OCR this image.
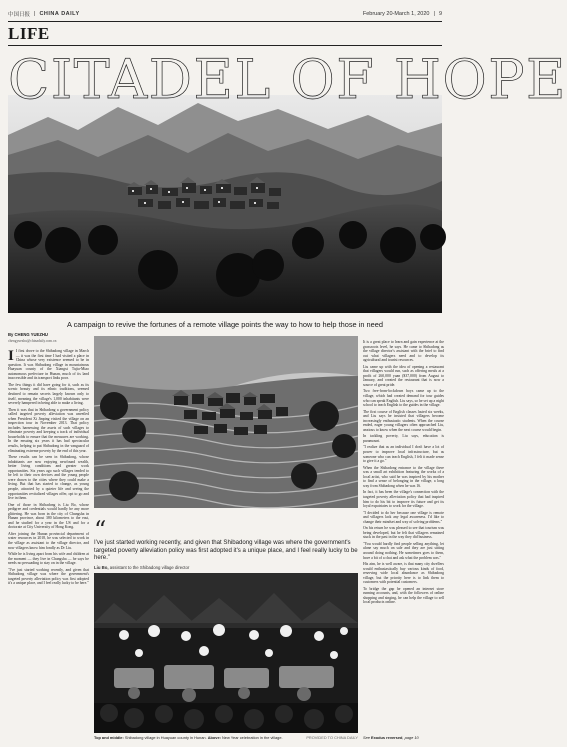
中国日报 | CHINA DAILY	February 20-March 1, 2020 | 9
LIFE
CITADEL OF HOPE
A campaign to revive the fortunes of a remote village points the way to how to help those in need
By CHENG YUEZHU
chengyuezhu@chinadaily.com.cn

I I first drove to the Shibadong village in March — it was the first time I had visited a place in China whose very existence seemed to be in question. It was Shibadong village in mountainous Huayuan county of the Xiangxi Tujia-Miao autonomous prefecture in Hunan, much of its land inaccessible and its transport links poor.

The few things it did have going for it, such as its scenic beauty and its ethnic traditions, seemed destined to remain secrets largely known only to itself, meaning the village's 1,000 inhabitants were severely hampered in being able to make a living.

Then it was that in Shibadong a government policy called targeted poverty alleviation was unveiled when President Xi Jinping visited the village on an inspection tour in November 2013. That policy includes harnessing the assets of such villages to eliminate poverty and keeping a track of individual households to ensure that the measures are working. In the ensuing six years it has had spectacular results, helping to put Shibadong in the vanguard of eliminating extreme poverty by the end of this year.

These results can be seen in Shibadong, whose inhabitants are now enjoying newfound wealth, better living conditions and greater work opportunities. Six years ago such villages tended to be left to their own devices and the young people were drawn to the cities where they could make a living. But that has started to change, as young people, attracted by a quieter life and seeing the opportunities revitalized villages offer, opt to go and live in them.

One of those in Shibadong is Liu Bo, whose pedigree and credentials would hardly be any more glittering. He was born in the city of Changsha in Hunan province, about 380 kilometers to the east, and he studied for a year in the US and for a doctorate at City University of Hong Kong.

After joining the Hunan provincial department of water resources in 2018, he was selected to work in the village as assistant to the village director, and now villagers know him fondly as Dr Liu.

While he is living apart from his wife and children at the moment — they live in Changsha — he says he needs no persuading to stay on in the village.

"I've just started working recently, and given that Shibadong village was where the government's targeted poverty alleviation policy was first adopted it's a unique place, and I feel really lucky to be here."

“
I've just started working recently, and given that Shibadong village was where the government's targeted poverty alleviation policy was first adopted it's a unique place, and I feel really lucky to be here.”
Liu Bo, assistant to the Shibadong village director
Top and middle: Shibadong village in Huayuan county in Hunan. Above: New Year celebration in the village.	PROVIDED TO CHINA DAILY

It is a great place to learn and gain experience at the grassroots level, he says. He came to Shibadong as the village director's assistant with the brief to find out what villagers need and to develop its agricultural and tourist resources.

Liu came up with the idea of opening a restaurant that villagers would run, such as offering meals at a profit of 260,000 yuan ($37,000) from August to January, and created the restaurant that is now a source of great pride.

Two free-from-lockdown boys came up to the village, which had created demand for tour guides who can speak English. Liu says, so he set up a night school to teach English to the guides in the village.

The first course of English classes lasted six weeks, and Liu says he insisted that villagers become increasingly enthusiastic students. When the course ended, eager young villagers often approached Liu, anxious to know when the next course would begin.

In tackling poverty, Liu says, education is paramount.

"I realize that as an individual I don't have a lot of power to improve local infrastructure, but as someone who can teach English, I felt it made sense to give it a go."

When the Shibadong entrance to the village there was a small art exhibition featuring the works of a local artist, who said he was inspired by his mother to find a sense of belonging in the village, a long way from Shibadong when he was 16.

In fact, it has been the village's connection with the targeted poverty alleviation policy that had inspired him to do his bit to improve its future and get its loyal expatriates to work for the village.

"I decided to do her because one village is remote and villagers lack any legal awareness. I'd like to change their mindset and way of solving problems."

On his return he was pleased to see that tourism was being developed, but he felt that villagers remained stuck in the past in the way they did business.

"You would hardly find people selling anything, let alone say much on sale and they are just sitting around doing nothing. He sometimes goes to them, have a bit of a chat and ask what the problem was."

His aim, he is well aware, is that many city dwellers would enthusiastically buy various kinds of food, reserving wide local abundance as Shibadong village, but the priority here is to link them to customers with potential customers.

To bridge the gap he opened an internet store running accounts, and, with the followers of online shopping and singing, he can help the village to sell local products online.

See Exodus reversed, page 10
